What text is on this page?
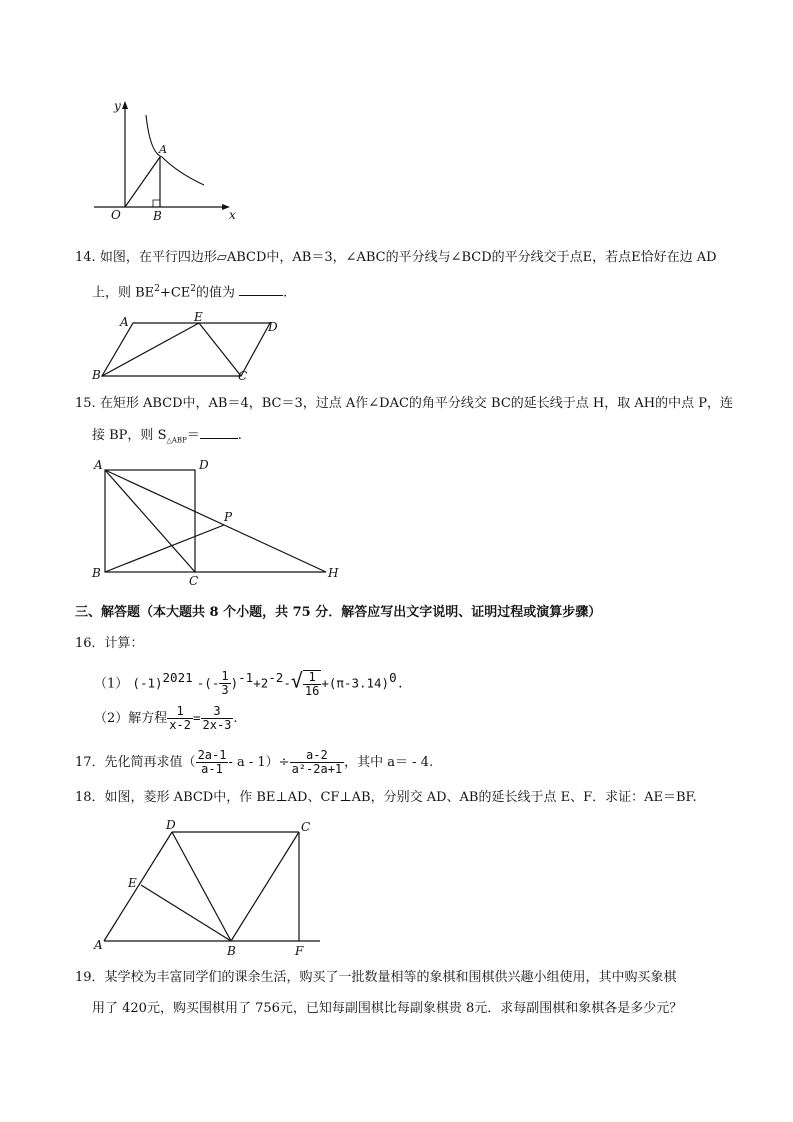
y
A
O	B	x
14. 如图，在平行四边形▱ABCD中，AB＝3，∠ABC的平分线与∠BCD的平分线交于点E，若点E恰好在边 AD
上，则 $BE^2+CE^2$的值为	.
A	E
D
B	C
15. 在矩形 ABCD中，AB＝4，BC＝3，过点 A作∠DAC的角平分线交 BC的延长线于点 H，取 AH的中点 P，连
接 BP，则 $S_{\triangle ABP}=$	.
A	D
P
B
C
H
三、解答题（本大题共 8 个小题，共 75 分．解答应写出文字说明、证明过程或演算步骤）
16．计算：
（1） $(-1)^{2021}$ -(- $\frac{1}{3} )^{-1}+2^{-2}-√ \frac{1}{16} +(\pi-3.14)^0$.
（2）解方程 $\frac{1}{x-2} = \frac{3}{2x-3}$ .
17．先化简再求值（ $\frac{2a-1}{a-1} - a - 1)\div \frac{a-2}{\text{a²-2a+1}}$ ，其中 a＝ - 4.
18．如图，菱形 ABCD中，作 BE⊥AD、CF⊥AB，分别交 AD、AB的延长线于点 E、F．求证：AE＝BF.
D	C
E
A	B	F
19．某学校为丰富同学们的课余生活，购买了一批数量相等的象棋和围棋供兴趣小组使用，其中购买象棋
用了 420元，购买围棋用了 756元，已知每副围棋比每副象棋贵 8元．求每副围棋和象棋各是多少元？
